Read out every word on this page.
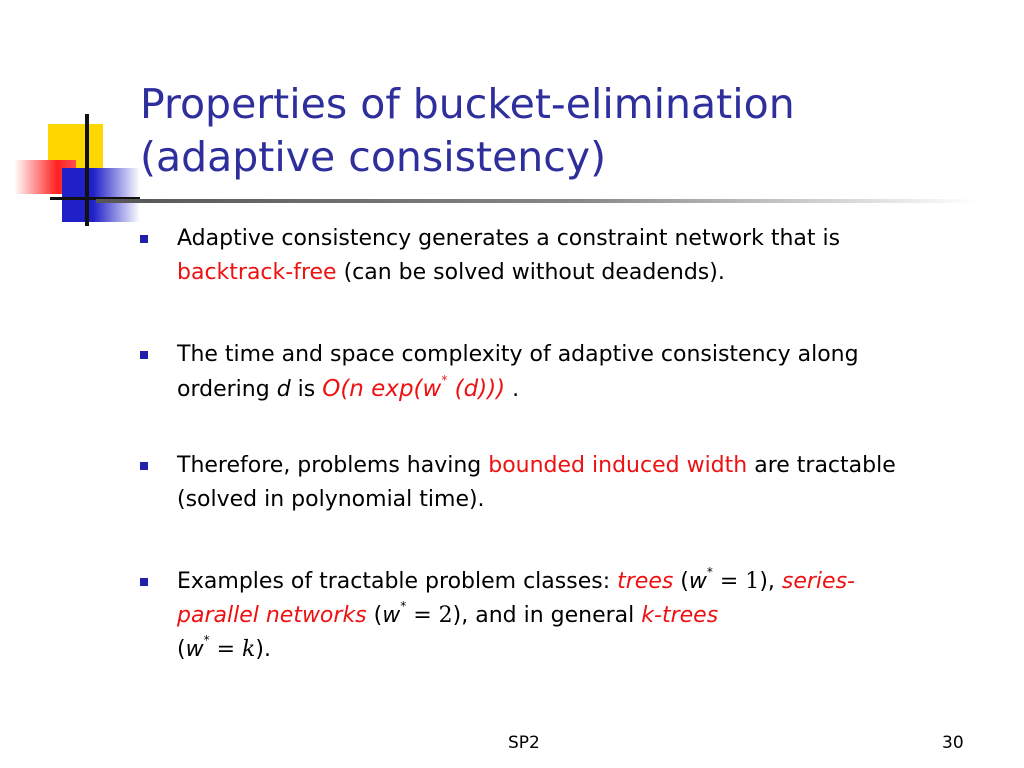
Properties of bucket-elimination
(adaptive consistency)
Adaptive consistency generates a constraint network that is backtrack-free (can be solved without deadends).
The time and space complexity of adaptive consistency along ordering d is O(n exp(w* (d))) .
Therefore, problems having bounded induced width are tractable (solved in polynomial time).
Examples of tractable problem classes: trees (w* = 1), series-parallel networks (w* = 2), and in general k-trees
(w* = k).
SP2	30
